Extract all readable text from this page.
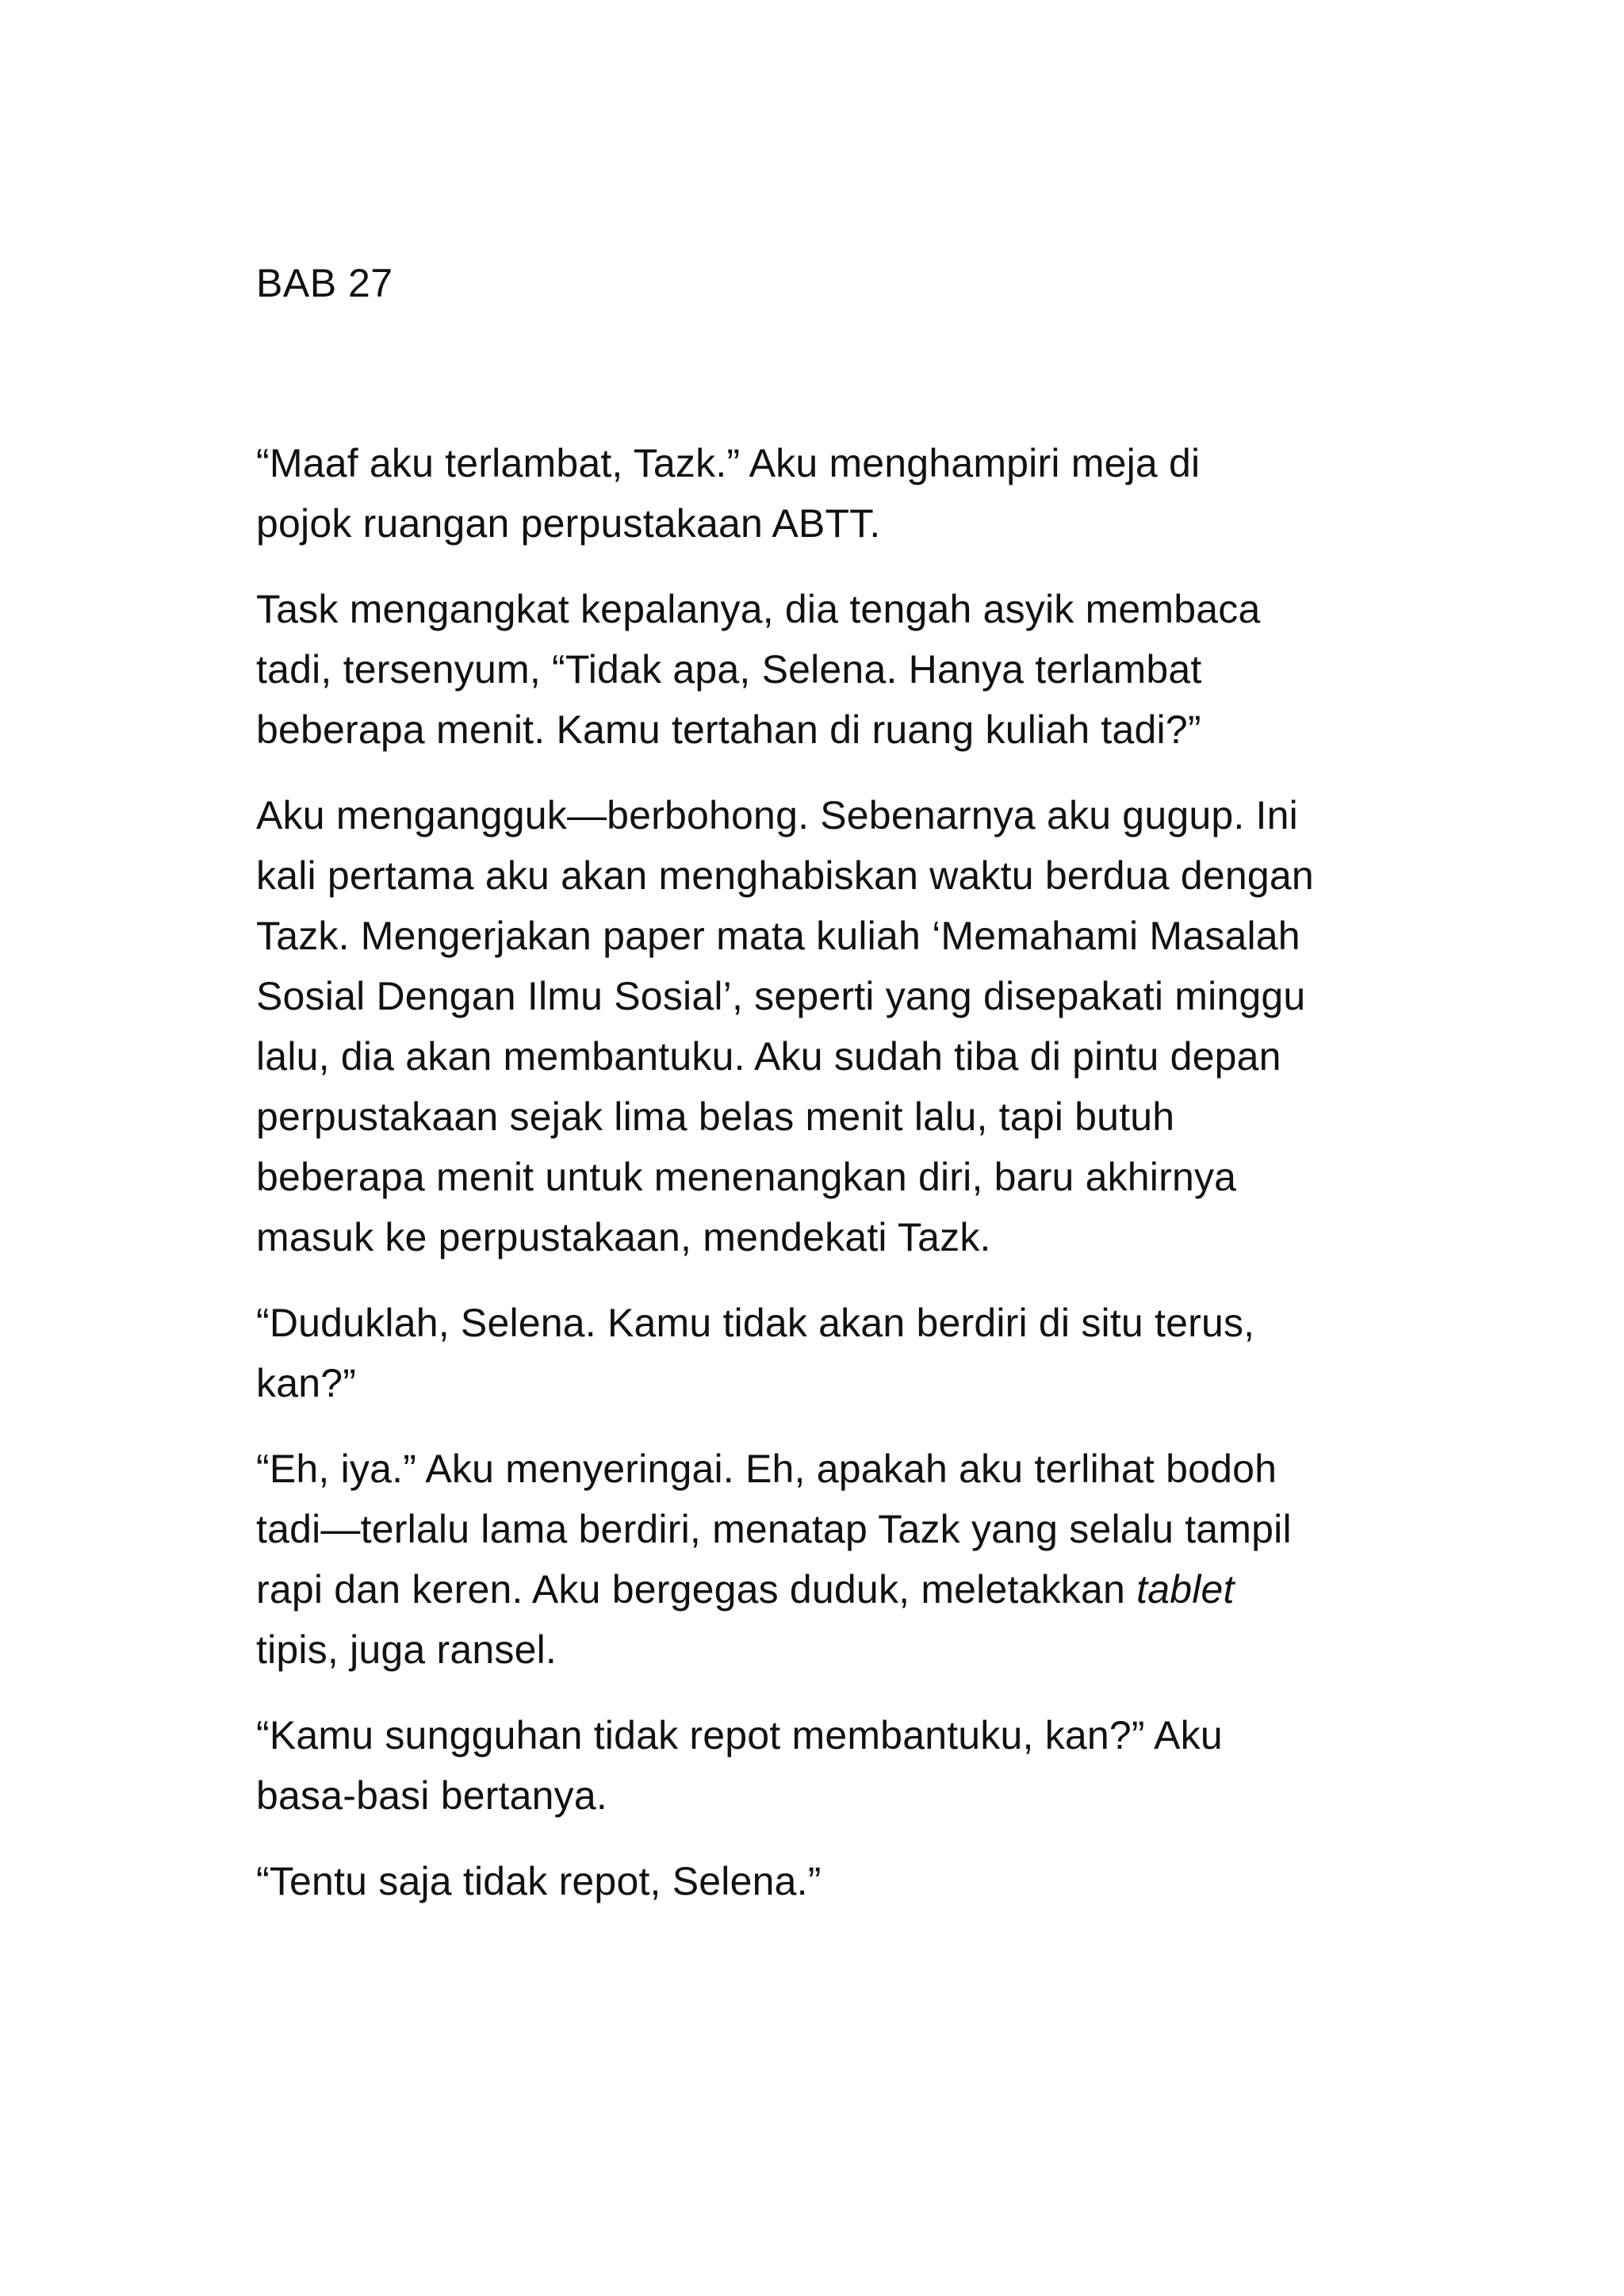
BAB 27

“Maaf aku terlambat, Tazk.” Aku menghampiri meja di
pojok ruangan perpustakaan ABTT.

Task mengangkat kepalanya, dia tengah asyik membaca
tadi, tersenyum, “Tidak apa, Selena. Hanya terlambat
beberapa menit. Kamu tertahan di ruang kuliah tadi?”

Aku mengangguk—berbohong. Sebenarnya aku gugup. Ini
kali pertama aku akan menghabiskan waktu berdua dengan
Tazk. Mengerjakan paper mata kuliah ‘Memahami Masalah
Sosial Dengan Ilmu Sosial’, seperti yang disepakati minggu
lalu, dia akan membantuku. Aku sudah tiba di pintu depan
perpustakaan sejak lima belas menit lalu, tapi butuh
beberapa menit untuk menenangkan diri, baru akhirnya
masuk ke perpustakaan, mendekati Tazk.

“Duduklah, Selena. Kamu tidak akan berdiri di situ terus,
kan?”

“Eh, iya.” Aku menyeringai. Eh, apakah aku terlihat bodoh
tadi—terlalu lama berdiri, menatap Tazk yang selalu tampil
rapi dan keren. Aku bergegas duduk, meletakkan tablet
tipis, juga ransel.

“Kamu sungguhan tidak repot membantuku, kan?” Aku
basa-basi bertanya.

“Tentu saja tidak repot, Selena.”
